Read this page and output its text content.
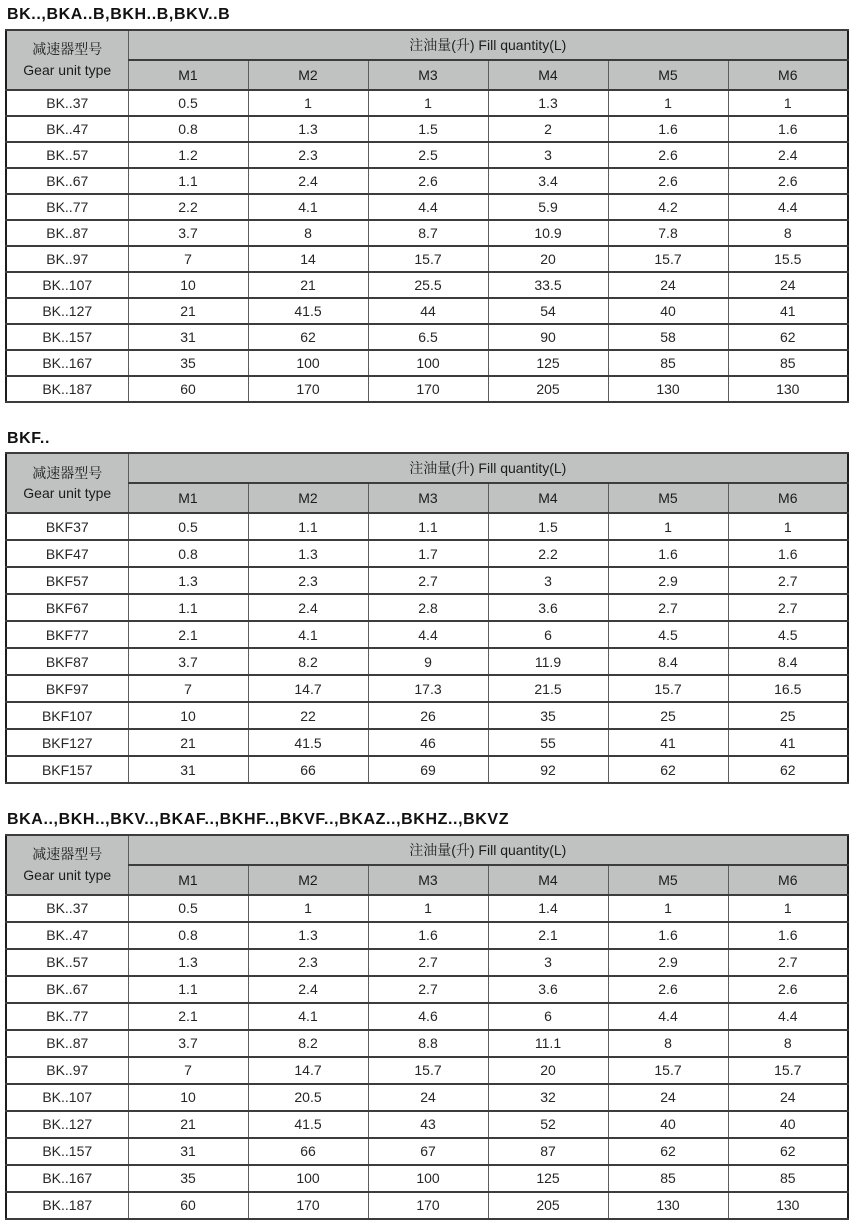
BK..,BKA..B,BKH..B,BKV..B
减速器型号
Gear unit type	注油量(升) Fill quantity(L)					
	M1	M2	M3	M4	M5	M6
BK..37	0.5	1	1	1.3	1	1
BK..47	0.8	1.3	1.5	2	1.6	1.6
BK..57	1.2	2.3	2.5	3	2.6	2.4
BK..67	1.1	2.4	2.6	3.4	2.6	2.6
BK..77	2.2	4.1	4.4	5.9	4.2	4.4
BK..87	3.7	8	8.7	10.9	7.8	8
BK..97	7	14	15.7	20	15.7	15.5
BK..107	10	21	25.5	33.5	24	24
BK..127	21	41.5	44	54	40	41
BK..157	31	62	6.5	90	58	62
BK..167	35	100	100	125	85	85
BK..187	60	170	170	205	130	130
BKF..
减速器型号
Gear unit type	注油量(升) Fill quantity(L)					
	M1	M2	M3	M4	M5	M6
BKF37	0.5	1.1	1.1	1.5	1	1
BKF47	0.8	1.3	1.7	2.2	1.6	1.6
BKF57	1.3	2.3	2.7	3	2.9	2.7
BKF67	1.1	2.4	2.8	3.6	2.7	2.7
BKF77	2.1	4.1	4.4	6	4.5	4.5
BKF87	3.7	8.2	9	11.9	8.4	8.4
BKF97	7	14.7	17.3	21.5	15.7	16.5
BKF107	10	22	26	35	25	25
BKF127	21	41.5	46	55	41	41
BKF157	31	66	69	92	62	62
BKA..,BKH..,BKV..,BKAF..,BKHF..,BKVF..,BKAZ..,BKHZ..,BKVZ
减速器型号
Gear unit type	注油量(升) Fill quantity(L)					
	M1	M2	M3	M4	M5	M6
BK..37	0.5	1	1	1.4	1	1
BK..47	0.8	1.3	1.6	2.1	1.6	1.6
BK..57	1.3	2.3	2.7	3	2.9	2.7
BK..67	1.1	2.4	2.7	3.6	2.6	2.6
BK..77	2.1	4.1	4.6	6	4.4	4.4
BK..87	3.7	8.2	8.8	11.1	8	8
BK..97	7	14.7	15.7	20	15.7	15.7
BK..107	10	20.5	24	32	24	24
BK..127	21	41.5	43	52	40	40
BK..157	31	66	67	87	62	62
BK..167	35	100	100	125	85	85
BK..187	60	170	170	205	130	130
